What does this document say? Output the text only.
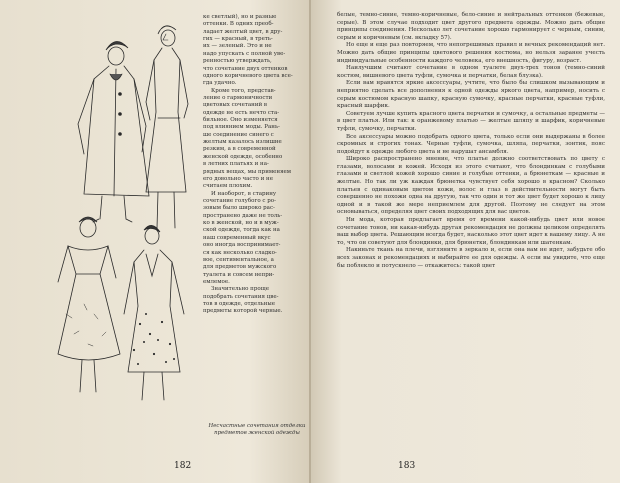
ке светлый), но и разные

оттенки. В одних преоб-

ладает желтый цвет, в дру-

гих — красный, в треть-

их — зеленый. Это и не

надо упускать с полной уве-

ренностью утверждать,

что сочетание двух оттенков

одного коричневого цвета все-

гда удачно.

Кроме того, представ-

ление о гармоничности

цветовых сочетаний в

одежде не есть нечто ста-

бильное. Оно изменяется

под влиянием моды. Рань-

ше соединение синего с

желтым казалось излишне

резким, а в современной

женской одежде, особенно

в летних платьях и на-

рядных вещах, мы применяем

его довольно часто и не

считаем плохим.

И наоборот, в старину

сочетание голубого с ро-

зовым было широко рас-

пространено даже не толь-

ко в женской, но и в муж-

ской одежде, тогда как на

наш современный вкус

оно иногда воспринимает-

ся как несколько сладко-

вое, сентиментальное, а

для предметов мужского

туалета и совсем непри-

емлемое.

Значительно проще

подобрать сочетания цве-

тов в одежде, отдельные

предметы которой черные.

Несчастные сочетания отделки предметов женской одежды
182

белые, темно-синие, темно-коричневые, бело-синие и нейтральных оттенков (бежевые, серые). В этом случае подходит цвет другого предмета одежды. Можно дать общие принципы соединения. Несколько лет сочетание хорошо гармонирует с черным, синим, серым и коричневым (см. вкладку 57).

Но еще и еще раз повторяем, что непогрешимых правил и вечных рекомендаций нет. Можно дать общие принципы цветового решения костюма, но нельзя заранее учесть индивидуальные особенности каждого человека, его внешность, фигуру, возраст.

Наилучшим считают сочетание в одном туалете двух-трех тонов (темно-синий костюм, вишневого цвета туфли, сумочка и перчатки, белая блузка).

Если вам нравятся яркие аксессуары, учтите, что было бы слишком вызывающим и неприятно сделать все дополнения к одной одежды яркого цвета, например, носить с серым костюмом красную шапку, красную сумочку, красные перчатки, красные туфли, красный шарфик.

Советуем лучше купить красного цвета перчатки и сумочку, а остальные предметы — в цвет платья. Или так: к оранжевому платью — желтые шляпу и шарфик, коричневые туфли, сумочку, перчатки.

Все аксессуары можно подобрать одного цвета, только если они выдержаны в более скромных и строгих тонах. Черные туфли, сумочка, шляпа, перчатки, зонтик, пояс подойдут к одежде любого цвета и не нарушат ансамбля.

Широко распространено мнение, что платье должно соответствовать по цвету с глазами, волосами и кожей. Исходя из этого считают, что блондинкам с голубыми глазами и светлой кожей хорошо синие и голубые оттенки, а брюнеткам — красные и желтые. Но так ли уж каждая брюнетка чувствует себя хорошо в красном? Сколько платьев с одинаковым цветом кожи, волос и глаз в действительности могут быть совершенно не похожи одна на другую, так что один и тот же цвет будет хорошо к лицу одной и в такой же мере неприемлем для другой. Поэтому не следует на этом основываться, определяя цвет своих подходящих для вас цветов.

Ни мода, которая предлагает время от времени какой-нибудь цвет или новое сочетание тонов, ни какая-нибудь другая рекомендация не должны целиком определять ваш выбор цвета. Решающим всегда будет, насколько этот цвет идет к вашему лицу. А не то, что он советуют для блондинки, для брюнетки, блондинкам или шатенкам.

Накиньте ткань на плечи, взгляните в зеркало и, если она вам не идет, забудьте обо всех законах и рекомендациях и выбирайте ее для одежды. А если вы увидите, что еще бы поблекло и потускнело — откажитесь: такой цвет

183
